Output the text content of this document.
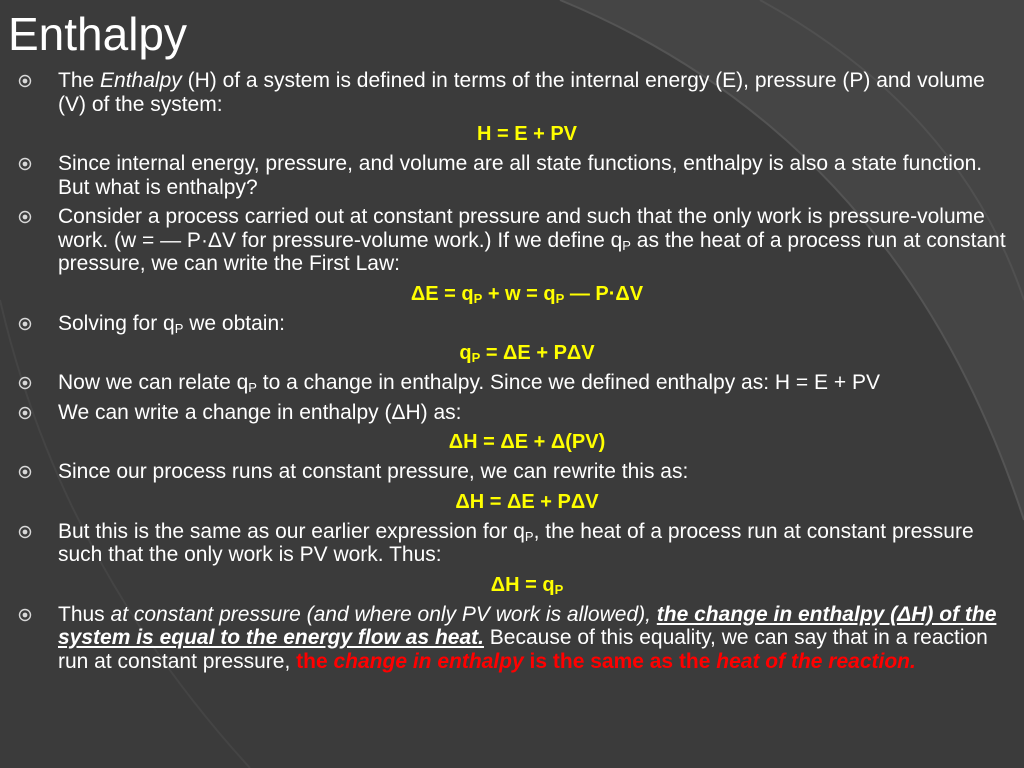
Enthalpy
The Enthalpy (H) of a system is defined in terms of the internal energy (E), pressure (P) and volume (V) of the system:
H = E + PV
Since internal energy, pressure, and volume are all state functions, enthalpy is also a state function. But what is enthalpy?
Consider a process carried out at constant pressure and such that the only work is pressure-volume work. (w = — P·ΔV for pressure-volume work.) If we define $q_P$ as the heat of a process run at constant pressure, we can write the First Law:
$\Delta E = q_P + w = q_P$ — P·ΔV
Solving for $q_P$ we obtain:
$q_P = \Delta E + P\Delta V$
Now we can relate $q_P$ to a change in enthalpy. Since we defined enthalpy as: H = E + PV
We can write a change in enthalpy (ΔH) as:
ΔH = ΔE + Δ(PV)
Since our process runs at constant pressure, we can rewrite this as:
ΔH = ΔE + PΔV
But this is the same as our earlier expression for $q_P$, the heat of a process run at constant pressure such that the only work is PV work. Thus:
$\Delta H = q_P$
Thus at constant pressure (and where only PV work is allowed), the change in enthalpy (ΔH) of the system is equal to the energy flow as heat. Because of this equality, we can say that in a reaction run at constant pressure, the change in enthalpy is the same as the heat of the reaction.
